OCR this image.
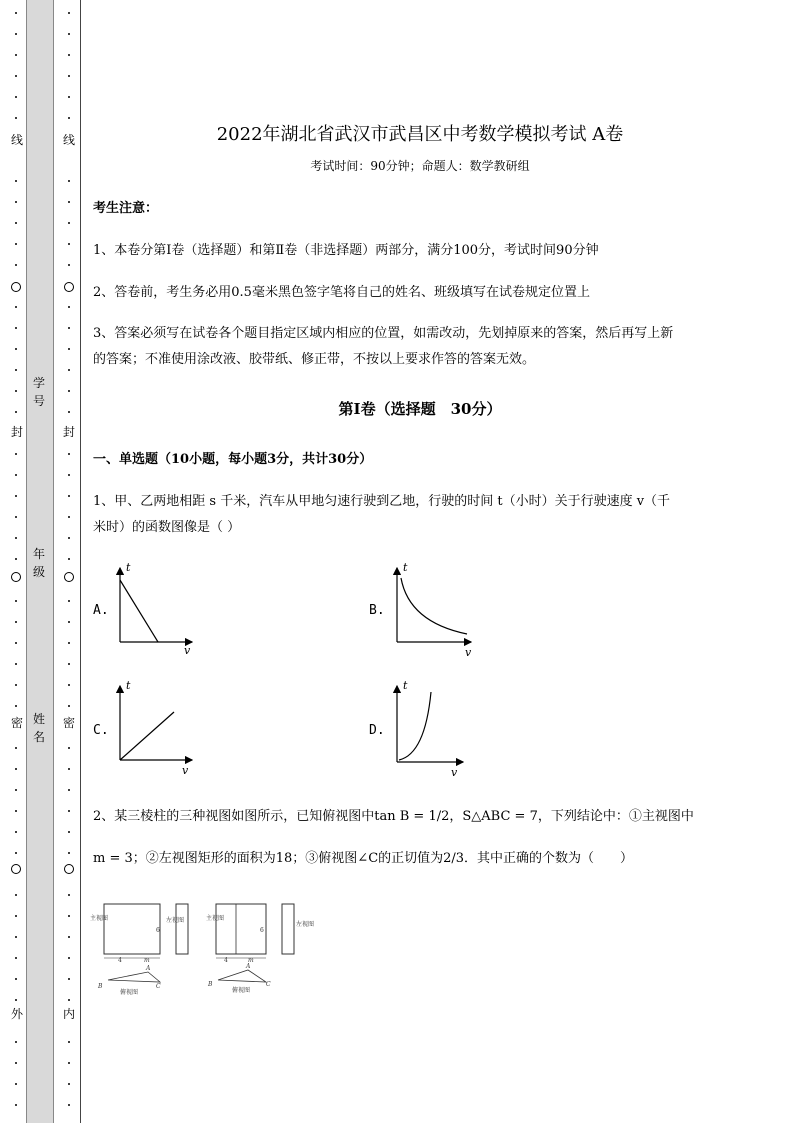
线
封
密
外
线
封
密
内
学
号
年
级
姓
名
2022年湖北省武汉市武昌区中考数学模拟考试 A卷
考试时间：90分钟；命题人：数学教研组
考生注意：
1、本卷分第I卷（选择题）和第Ⅱ卷（非选择题）两部分，满分100分，考试时间90分钟
2、答卷前，考生务必用0.5毫米黑色签字笔将自己的姓名、班级填写在试卷规定位置上
3、答案必须写在试卷各个题目指定区域内相应的位置，如需改动，先划掉原来的答案，然后再写上新
的答案；不准使用涂改液、胶带纸、修正带，不按以上要求作答的答案无效。
第I卷（选择题　30分）
一、单选题（10小题，每小题3分，共计30分）
1、甲、乙两地相距 s 千米，汽车从甲地匀速行驶到乙地，行驶的时间 t（小时）关于行驶速度 v（千
米时）的函数图像是（ ）
A.
t
v
B.
t
v
C.
t
v
D.
t
v
2、某三棱柱的三种视图如图所示，已知俯视图中tan B = 1/2，S△ABC = 7，下列结论中：①主视图中
m = 3；②左视图矩形的面积为18；③俯视图∠C的正切值为2/3．其中正确的个数为（　　）
主视图
4	m
6
左视图
B
A
C
俯视图
主视图
6
4	m
左视图
B
A
C
俯视图
